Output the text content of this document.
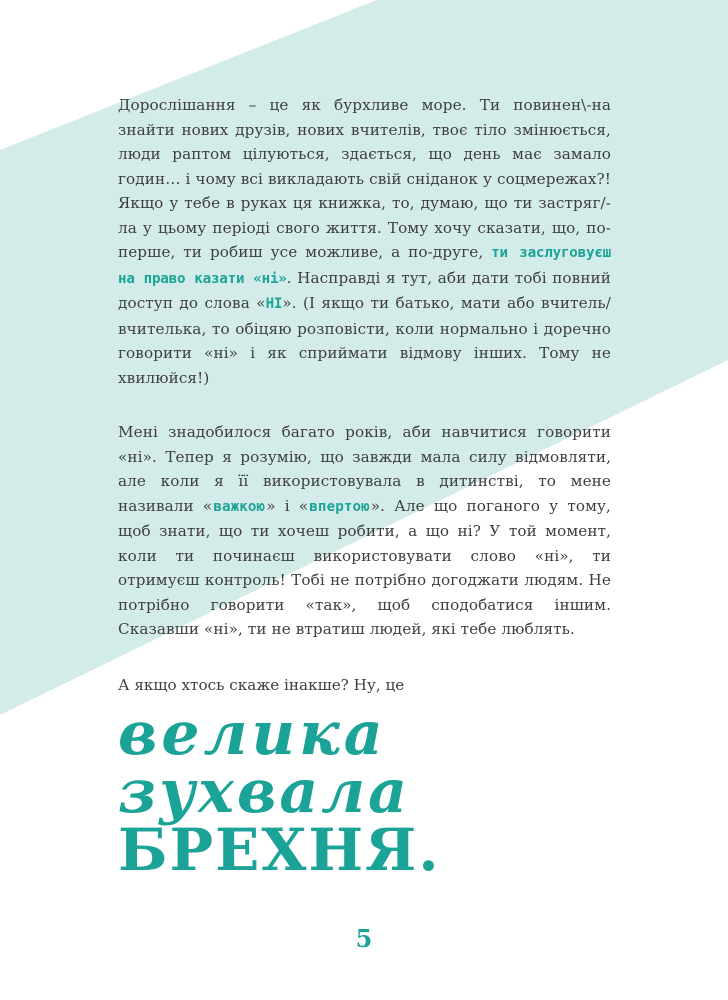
Дорослішання – це як бурхливе море. Ти повинен\-на знайти нових друзів, нових вчителів, твоє тіло змінюється, люди раптом цілуються, здається, що день має замало годин… і чому всі викладають свій сніданок у соцмережах?! Якщо у тебе в руках ця книжка, то, думаю, що ти застряг/-ла у цьому періоді свого життя. Тому хочу сказати, що, по-перше, ти робиш усе можливе, а по-друге, ти заслуговуєш на право казати «ні». Насправді я тут, аби дати тобі повний доступ до слова «НІ». (І якщо ти батько, мати або вчитель/вчителька, то обіцяю розповісти, коли нормально і доречно говорити «ні» і як сприймати відмову інших. Тому не хвилюйся!)

Мені знадобилося багато років, аби навчитися говорити «ні». Тепер я розумію, що завжди мала силу відмовляти, але коли я її використовувала в дитинстві, то мене називали «важкою» і «впертою». Але що поганого у тому, щоб знати, що ти хочеш робити, а що ні? У той момент, коли ти починаєш використовувати слово «ні», ти отримуєш контроль! Тобі не потрібно догоджати людям. Не потрібно говорити «так», щоб сподобатися іншим. Сказавши «ні», ти не втратиш людей, які тебе люблять.

А якщо хтось скаже інакше? Ну, це
велика
зухвала
БРЕХНЯ.
5
